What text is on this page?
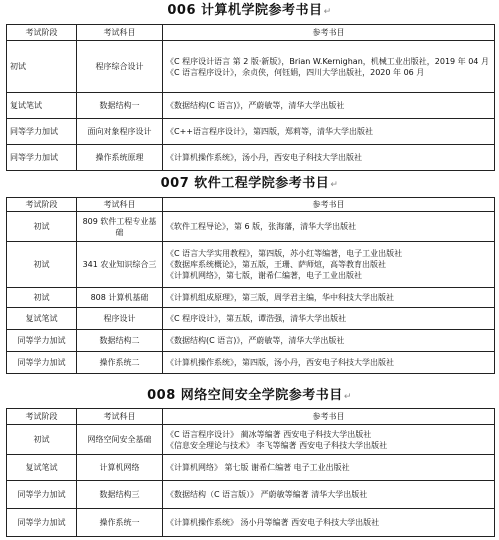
006 计算机学院参考书目↵
考试阶段	考试科目	参考书目
初试	程序综合设计	《C 程序设计语言 第 2 版·新版》，Brian W.Kernighan，机械工业出版社，2019 年 04 月
《C 语言程序设计》，余贞侠，何钰娟，四川大学出版社，2020 年 06 月

复试笔试	数据结构一	《数据结构(C 语言)》，严蔚敏等，清华大学出版社

同等学力加试	面向对象程序设计	《C++语言程序设计》，第四版，郑莉等，清华大学出版社

同等学力加试	操作系统原理	《计算机操作系统》，汤小丹，西安电子科技大学出版社
007 软件工程学院参考书目↵
考试阶段	考试科目	参考书目
初试	809 软件工程专业基础	《软件工程导论》，第 6 版，张海藩，清华大学出版社

初试	341 农业知识综合三	《C 语言大学实用教程》，第四版，苏小红等编著，电子工业出版社
《数据库系统概论》，第五版，王珊、萨师煊，高等教育出版社
《计算机网络》，第七版，谢希仁编著，电子工业出版社

初试	808 计算机基础	《计算机组成原理》，第三版，周学君主编，华中科技大学出版社

复试笔试	程序设计	《C 程序设计》，第五版，谭浩强，清华大学出版社

同等学力加试	数据结构二	《数据结构(C 语言)》，严蔚敏等，清华大学出版社

同等学力加试	操作系统二	《计算机操作系统》，第四版，汤小丹，西安电子科技大学出版社
008 网络空间安全学院参考书目↵
考试阶段	考试科目	参考书目
初试	网络空间安全基础	《C 语言程序设计》 蔺冰等编著 西安电子科技大学出版社
《信息安全理论与技术》 李飞等编著 西安电子科技大学出版社

复试笔试	计算机网络	《计算机网络》 第七版 谢希仁编著 电子工业出版社

同等学力加试	数据结构三	《数据结构（C 语言版）》 严蔚敏等编著 清华大学出版社

同等学力加试	操作系统一	《计算机操作系统》 汤小丹等编著 西安电子科技大学出版社
